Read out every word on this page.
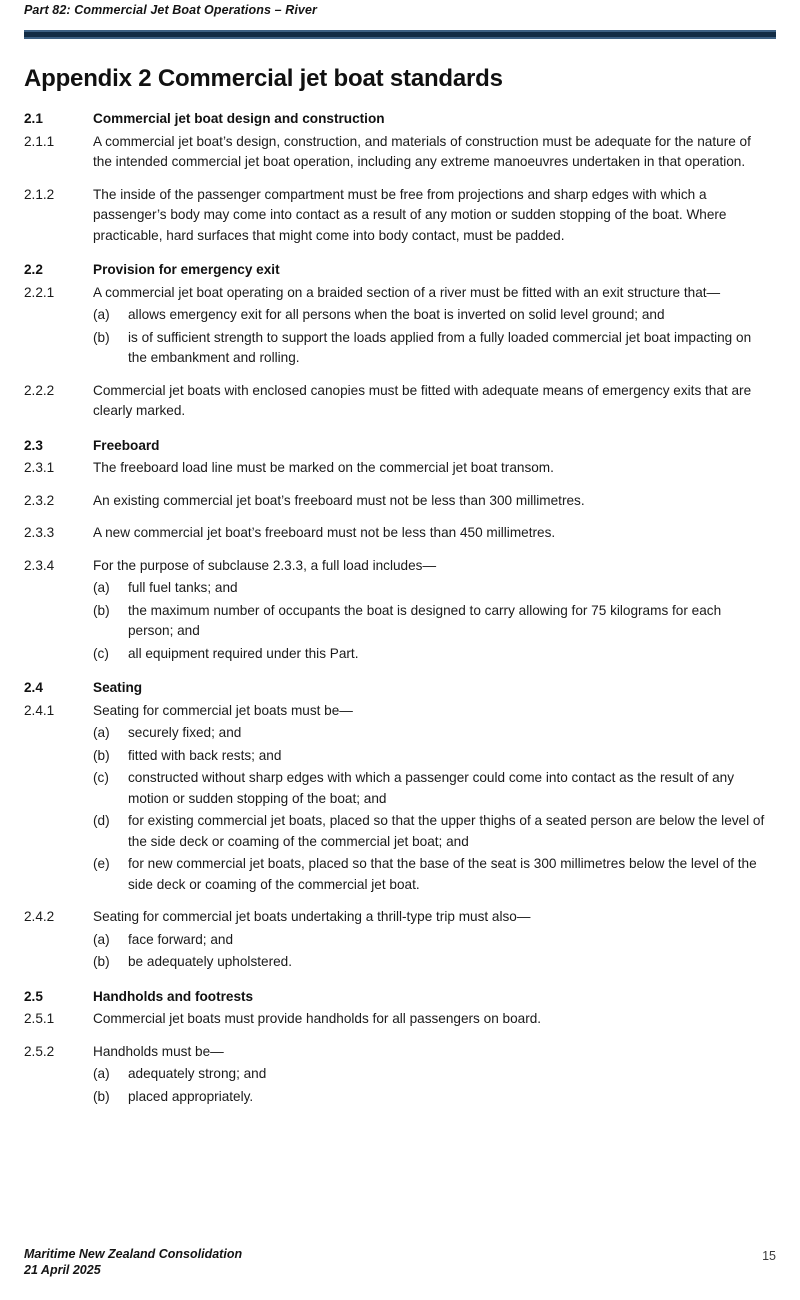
Part 82: Commercial Jet Boat Operations – River
Appendix 2 Commercial jet boat standards
2.1	Commercial jet boat design and construction
2.1.1	A commercial jet boat’s design, construction, and materials of construction must be adequate for the nature of the intended commercial jet boat operation, including any extreme manoeuvres undertaken in that operation.
2.1.2	The inside of the passenger compartment must be free from projections and sharp edges with which a passenger’s body may come into contact as a result of any motion or sudden stopping of the boat. Where practicable, hard surfaces that might come into body contact, must be padded.
2.2	Provision for emergency exit
2.2.1	A commercial jet boat operating on a braided section of a river must be fitted with an exit structure that—
(a)	allows emergency exit for all persons when the boat is inverted on solid level ground; and
(b)	is of sufficient strength to support the loads applied from a fully loaded commercial jet boat impacting on the embankment and rolling.
2.2.2	Commercial jet boats with enclosed canopies must be fitted with adequate means of emergency exits that are clearly marked.
2.3	Freeboard
2.3.1	The freeboard load line must be marked on the commercial jet boat transom.
2.3.2	An existing commercial jet boat’s freeboard must not be less than 300 millimetres.
2.3.3	A new commercial jet boat’s freeboard must not be less than 450 millimetres.
2.3.4	For the purpose of subclause 2.3.3, a full load includes—
(a)	full fuel tanks; and
(b)	the maximum number of occupants the boat is designed to carry allowing for 75 kilograms for each person; and
(c)	all equipment required under this Part.
2.4	Seating
2.4.1	Seating for commercial jet boats must be—
(a)	securely fixed; and
(b)	fitted with back rests; and
(c)	constructed without sharp edges with which a passenger could come into contact as the result of any motion or sudden stopping of the boat; and
(d)	for existing commercial jet boats, placed so that the upper thighs of a seated person are below the level of the side deck or coaming of the commercial jet boat; and
(e)	for new commercial jet boats, placed so that the base of the seat is 300 millimetres below the level of the side deck or coaming of the commercial jet boat.
2.4.2	Seating for commercial jet boats undertaking a thrill-type trip must also—
(a)	face forward; and
(b)	be adequately upholstered.
2.5	Handholds and footrests
2.5.1	Commercial jet boats must provide handholds for all passengers on board.
2.5.2	Handholds must be—
(a)	adequately strong; and
(b)	placed appropriately.
Maritime New Zealand Consolidation
21 April 2025
15
